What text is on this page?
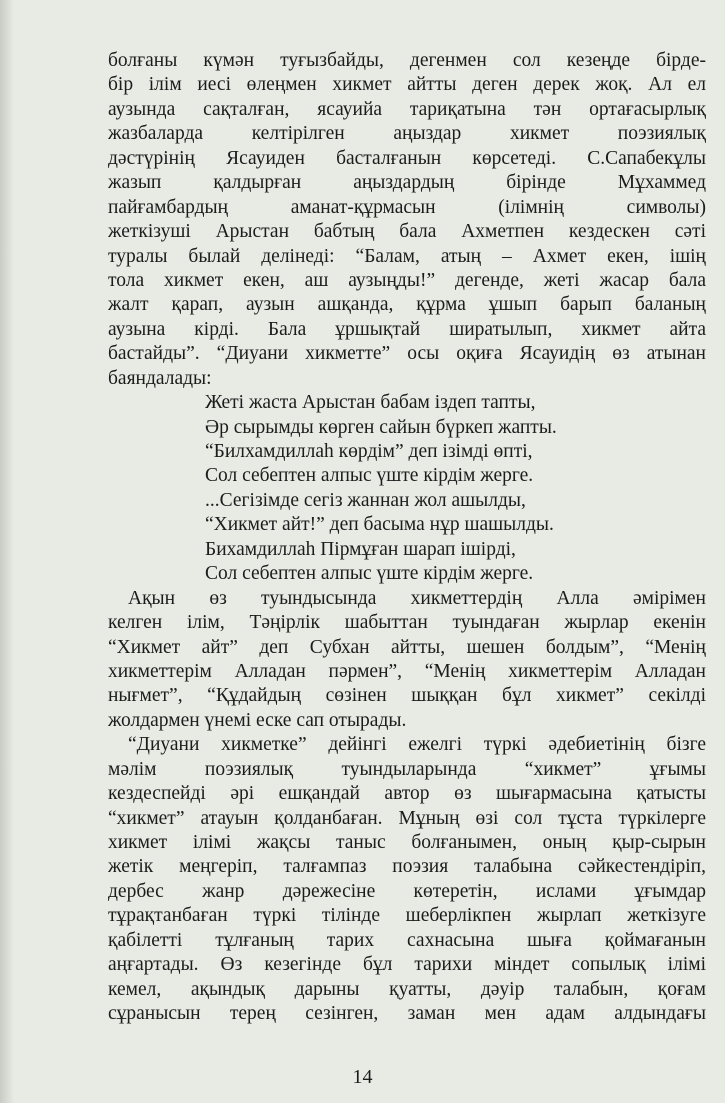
болғаны күмән туғызбайды, дегенмен сол кезеңде бірде-
бір ілім иесі өлеңмен хикмет айтты деген дерек жоқ. Ал ел
аузында сақталған, ясауийа тариқатына тән ортағасырлық
жазбаларда келтірілген аңыздар хикмет поэзиялық
дәстүрінің Ясауиден басталғанын көрсетеді. С.Сапабекұлы
жазып қалдырған аңыздардың бірінде Мұхаммед
пайғамбардың аманат-құрмасын (ілімнің символы)
жеткізуші Арыстан бабтың бала Ахметпен кездескен сәті
туралы былай делінеді: “Балам, атың – Ахмет екен, ішің
тола хикмет екен, аш аузыңды!” дегенде, жеті жасар бала
жалт қарап, аузын ашқанда, құрма ұшып барып баланың
аузына кірді. Бала ұршықтай ширатылып, хикмет айта
бастайды”. “Диуани хикметте” осы оқиға Ясауидің өз атынан
баяндалады:
Жеті жаста Арыстан бабам іздеп тапты,
Әр сырымды көрген сайын бүркеп жапты.
“Билхамдиллаһ көрдім” деп ізімді өпті,
Сол себептен алпыс үште кірдім жерге.
...Сегізімде сегіз жаннан жол ашылды,
“Хикмет айт!” деп басыма нұр шашылды.
Бихамдиллаһ Пірмұған шарап ішірді,
Сол себептен алпыс үште кірдім жерге.
Ақын өз туындысында хикметтердің Алла әмірімен
келген ілім, Тәңірлік шабыттан туындаған жырлар екенін
“Хикмет айт” деп Субхан айтты, шешен болдым”, “Менің
хикметтерім Алладан пәрмен”, “Менің хикметтерім Алладан
нығмет”, “Құдайдың сөзінен шыққан бұл хикмет” секілді
жолдармен үнемі еске сап отырады.
“Диуани хикметке” дейінгі ежелгі түркі әдебиетінің бізге
мәлім поэзиялық туындыларында “хикмет” ұғымы
кездеспейді әрі ешқандай автор өз шығармасына қатысты
“хикмет” атауын қолданбаған. Мұның өзі сол тұста түркілерге
хикмет ілімі жақсы таныс болғанымен, оның қыр-сырын
жетік меңгеріп, талғампаз поэзия талабына сәйкестендіріп,
дербес жанр дәрежесіне көтеретін, ислами ұғымдар
тұрақтанбаған түркі тілінде шеберлікпен жырлап жеткізуге
қабілетті тұлғаның тарих сахнасына шыға қоймағанын
аңғартады. Өз кезегінде бұл тарихи міндет сопылық ілімі
кемел, ақындық дарыны қуатты, дәуір талабын, қоғам
сұранысын терең сезінген, заман мен адам алдындағы
14
